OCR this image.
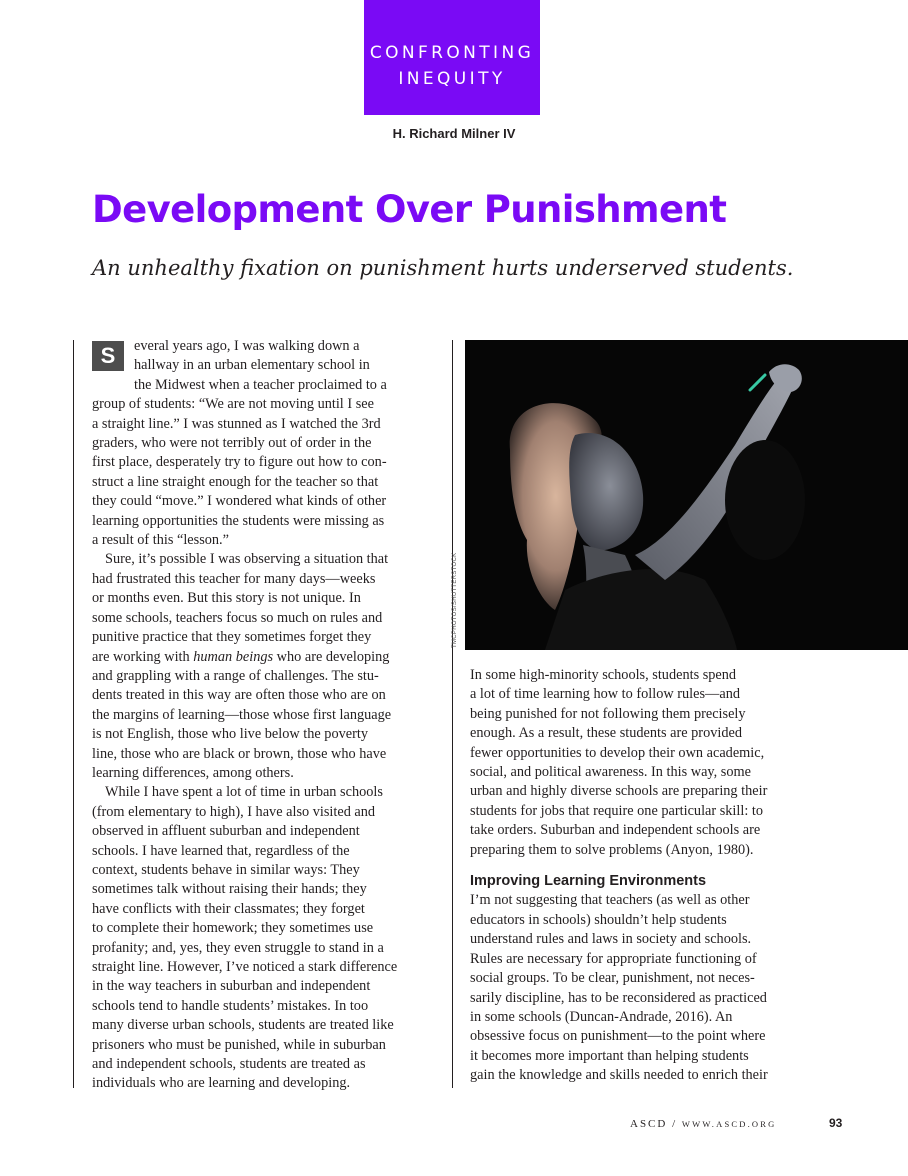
CONFRONTING
INEQUITY
H. Richard Milner IV
Development Over Punishment
An unhealthy fixation on punishment hurts underserved students.
S	everal years ago, I was walking down a
hallway in an urban elementary school in
the Midwest when a teacher proclaimed to a
group of students: “We are not moving until I see
a straight line.” I was stunned as I watched the 3rd
graders, who were not terribly out of order in the
first place, desperately try to figure out how to con-
struct a line straight enough for the teacher so that
they could “move.” I wondered what kinds of other
learning opportunities the students were missing as
a result of this “lesson.”
Sure, it’s possible I was observing a situation that
had frustrated this teacher for many days—weeks
or months even. But this story is not unique. In
some schools, teachers focus so much on rules and
punitive practice that they sometimes forget they
are working with human beings who are developing
and grappling with a range of challenges. The stu-
dents treated in this way are often those who are on
the margins of learning—those whose first language
is not English, those who live below the poverty
line, those who are black or brown, those who have
learning differences, among others.
While I have spent a lot of time in urban schools
(from elementary to high), I have also visited and
observed in affluent suburban and independent
schools. I have learned that, regardless of the
context, students behave in similar ways: They
sometimes talk without raising their hands; they
have conflicts with their classmates; they forget
to complete their homework; they sometimes use
profanity; and, yes, they even struggle to stand in a
straight line. However, I’ve noticed a stark difference
in the way teachers in suburban and independent
schools tend to handle students’ mistakes. In too
many diverse urban schools, students are treated like
prisoners who must be punished, while in suburban
and independent schools, students are treated as
individuals who are learning and developing.
TMCPHOTOS/SHUTTERSTOCK
In some high-minority schools, students spend
a lot of time learning how to follow rules—and
being punished for not following them precisely
enough. As a result, these students are provided
fewer opportunities to develop their own academic,
social, and political awareness. In this way, some
urban and highly diverse schools are preparing their
students for jobs that require one particular skill: to
take orders. Suburban and independent schools are
preparing them to solve problems (Anyon, 1980).
Improving Learning Environments
I’m not suggesting that teachers (as well as other
educators in schools) shouldn’t help students
understand rules and laws in society and schools.
Rules are necessary for appropriate functioning of
social groups. To be clear, punishment, not neces-
sarily discipline, has to be reconsidered as practiced
in some schools (Duncan-Andrade, 2016). An
obsessive focus on punishment—to the point where
it becomes more important than helping students
gain the knowledge and skills needed to enrich their
ASCD / WWW.ASCD.ORG	93
